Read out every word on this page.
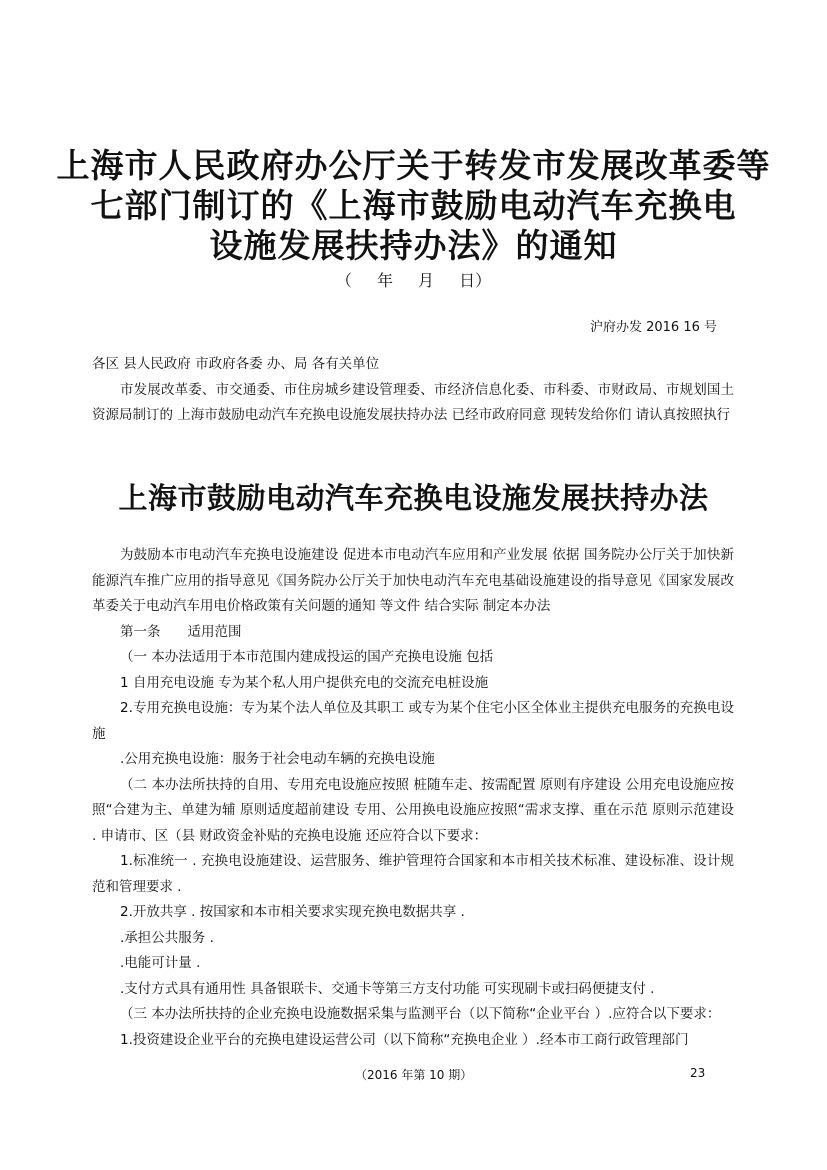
上海市人民政府办公厅关于转发市发展改革委等
七部门制订的《上海市鼓励电动汽车充换电
设施发展扶持办法》的通知
（ 年 月 日）
沪府办发 2016 16 号

各区 县人民政府 市政府各委 办、局 各有关单位

市发展改革委、市交通委、市住房城乡建设管理委、市经济信息化委、市科委、市财政局、市规划国土资源局制订的 上海市鼓励电动汽车充换电设施发展扶持办法 已经市政府同意 现转发给你们 请认真按照执行

上海市鼓励电动汽车充换电设施发展扶持办法

为鼓励本市电动汽车充换电设施建设 促进本市电动汽车应用和产业发展 依据 国务院办公厅关于加快新能源汽车推广应用的指导意见《国务院办公厅关于加快电动汽车充电基础设施建设的指导意见《国家发展改革委关于电动汽车用电价格政策有关问题的通知 等文件 结合实际 制定本办法

第一条　　适用范围

（一 本办法适用于本市范围内建成投运的国产充换电设施 包括

1 自用充电设施 专为某个私人用户提供充电的交流充电桩设施

2.专用充换电设施：专为某个法人单位及其职工 或专为某个住宅小区全体业主提供充电服务的充换电设施

.公用充换电设施：服务于社会电动车辆的充换电设施

（二 本办法所扶持的自用、专用充电设施应按照 桩随车走、按需配置 原则有序建设 公用充电设施应按照“合建为主、单建为辅 原则适度超前建设 专用、公用换电设施应按照“需求支撑、重在示范 原则示范建设 . 申请市、区（县 财政资金补贴的充换电设施 还应符合以下要求：

1.标准统一 . 充换电设施建设、运营服务、维护管理符合国家和本市相关技术标准、建设标准、设计规范和管理要求 .

2.开放共享 . 按国家和本市相关要求实现充换电数据共享 .

.承担公共服务 .

.电能可计量 .

.支付方式具有通用性 具备银联卡、交通卡等第三方支付功能 可实现刷卡或扫码便捷支付 .

（三 本办法所扶持的企业充换电设施数据采集与监测平台（以下简称“企业平台 ）.应符合以下要求：

1.投资建设企业平台的充换电建设运营公司（以下简称“充换电企业 ）.经本市工商行政管理部门

（2016 年第 10 期）	23
